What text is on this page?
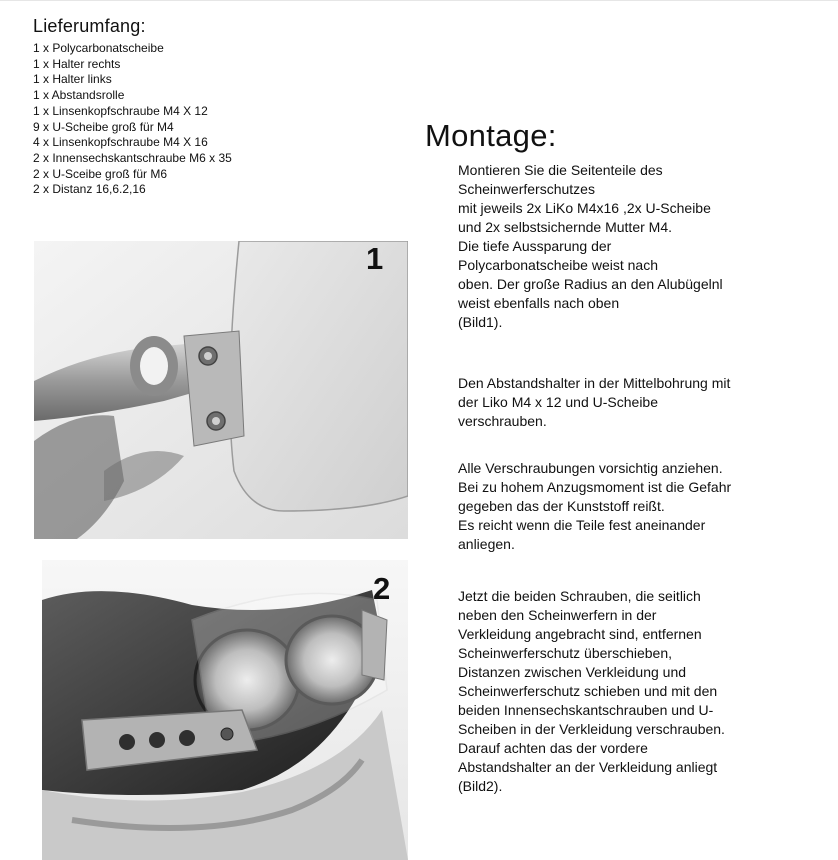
Lieferumfang:
1 x Polycarbonatscheibe
1 x Halter rechts
1 x Halter links
1 x Abstandsrolle
1 x Linsenkopfschraube M4 X 12
9 x U-Scheibe groß für M4
4 x Linsenkopfschraube M4 X 16
2 x Innensechskantschraube M6 x 35
2 x U-Sceibe groß für M6
2 x Distanz 16,6.2,16
Montage:

Montieren Sie die Seitenteile des
Scheinwerferschutzes
mit jeweils 2x LiKo M4x16 ,2x U-Scheibe
und 2x selbstsichernde Mutter M4.
Die tiefe Aussparung der
Polycarbonatscheibe weist nach
oben. Der große Radius an den Alubügelnl
weist ebenfalls nach oben
(Bild1).

Den Abstandshalter in der Mittelbohrung mit
der Liko M4 x 12 und U-Scheibe
verschrauben.

Alle Verschraubungen vorsichtig anziehen.
Bei zu hohem Anzugsmoment ist die Gefahr
gegeben das der Kunststoff reißt.
Es reicht wenn die Teile fest aneinander
anliegen.

Jetzt die beiden Schrauben, die seitlich
neben den Scheinwerfern in der
Verkleidung angebracht sind, entfernen
Scheinwerferschutz überschieben,
Distanzen zwischen Verkleidung und
Scheinwerferschutz schieben und mit den
beiden Innensechskantschrauben und U-
Scheiben in der Verkleidung verschrauben.
Darauf achten das der vordere
Abstandshalter an der Verkleidung anliegt
(Bild2).

1
2
